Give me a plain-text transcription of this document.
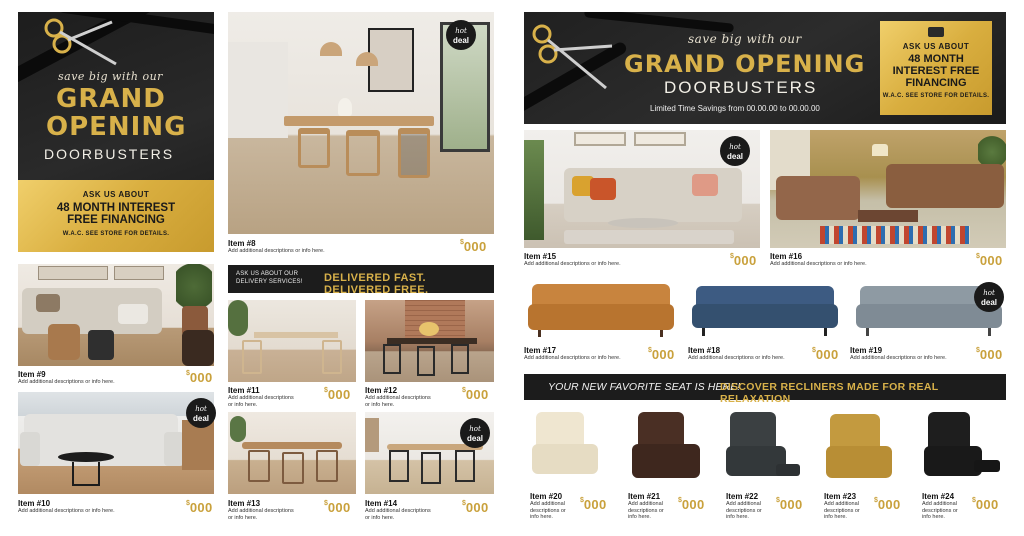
save big with our
GRAND
OPENING
DOORBUSTERS
ASK US ABOUT
48 MONTH INTEREST
FREE FINANCING
W.A.C. SEE STORE FOR DETAILS.
hot
deal
Item #8
Add additional descriptions or info here.
$000
Item #9
Add additional descriptions or info here.
$000
hot
deal
Item #10
Add additional descriptions or info here.
$000
ASK US ABOUT OUR
DELIVERY SERVICES! DELIVERED FAST. DELIVERED FREE.
Item #11
Add additional descriptions
or info here.
$000 Item #12
Add additional descriptions
or info here.
$000
Item #13
Add additional descriptions
or info here.
$000
hot
deal
Item #14
Add additional descriptions
or info here.
$000
save big with our
GRAND OPENING
DOORBUSTERS
Limited Time Savings from 00.00.00 to 00.00.00
ASK US ABOUT
48 MONTH
INTEREST FREE
FINANCING
W.A.C. SEE STORE FOR DETAILS.
hot
deal
Item #15
Add additional descriptions or info here.
$000 Item #16
Add additional descriptions or info here.
$000
Item #17
Add additional descriptions or info here.
$000 Item #18
Add additional descriptions or info here.
$000
hot
deal
Item #19
Add additional descriptions or info here.
$000
YOUR NEW FAVORITE SEAT IS HERE!
DISCOVER RECLINERS MADE FOR REAL RELAXATION
Item #20
Add additional
descriptions or
info here.
$000
Item #21
Add additional
descriptions or
info here.
$000
Item #22
Add additional
descriptions or
info here.
$000
Item #23
Add additional
descriptions or
info here.
$000
Item #24
Add additional
descriptions or
info here.
$000
